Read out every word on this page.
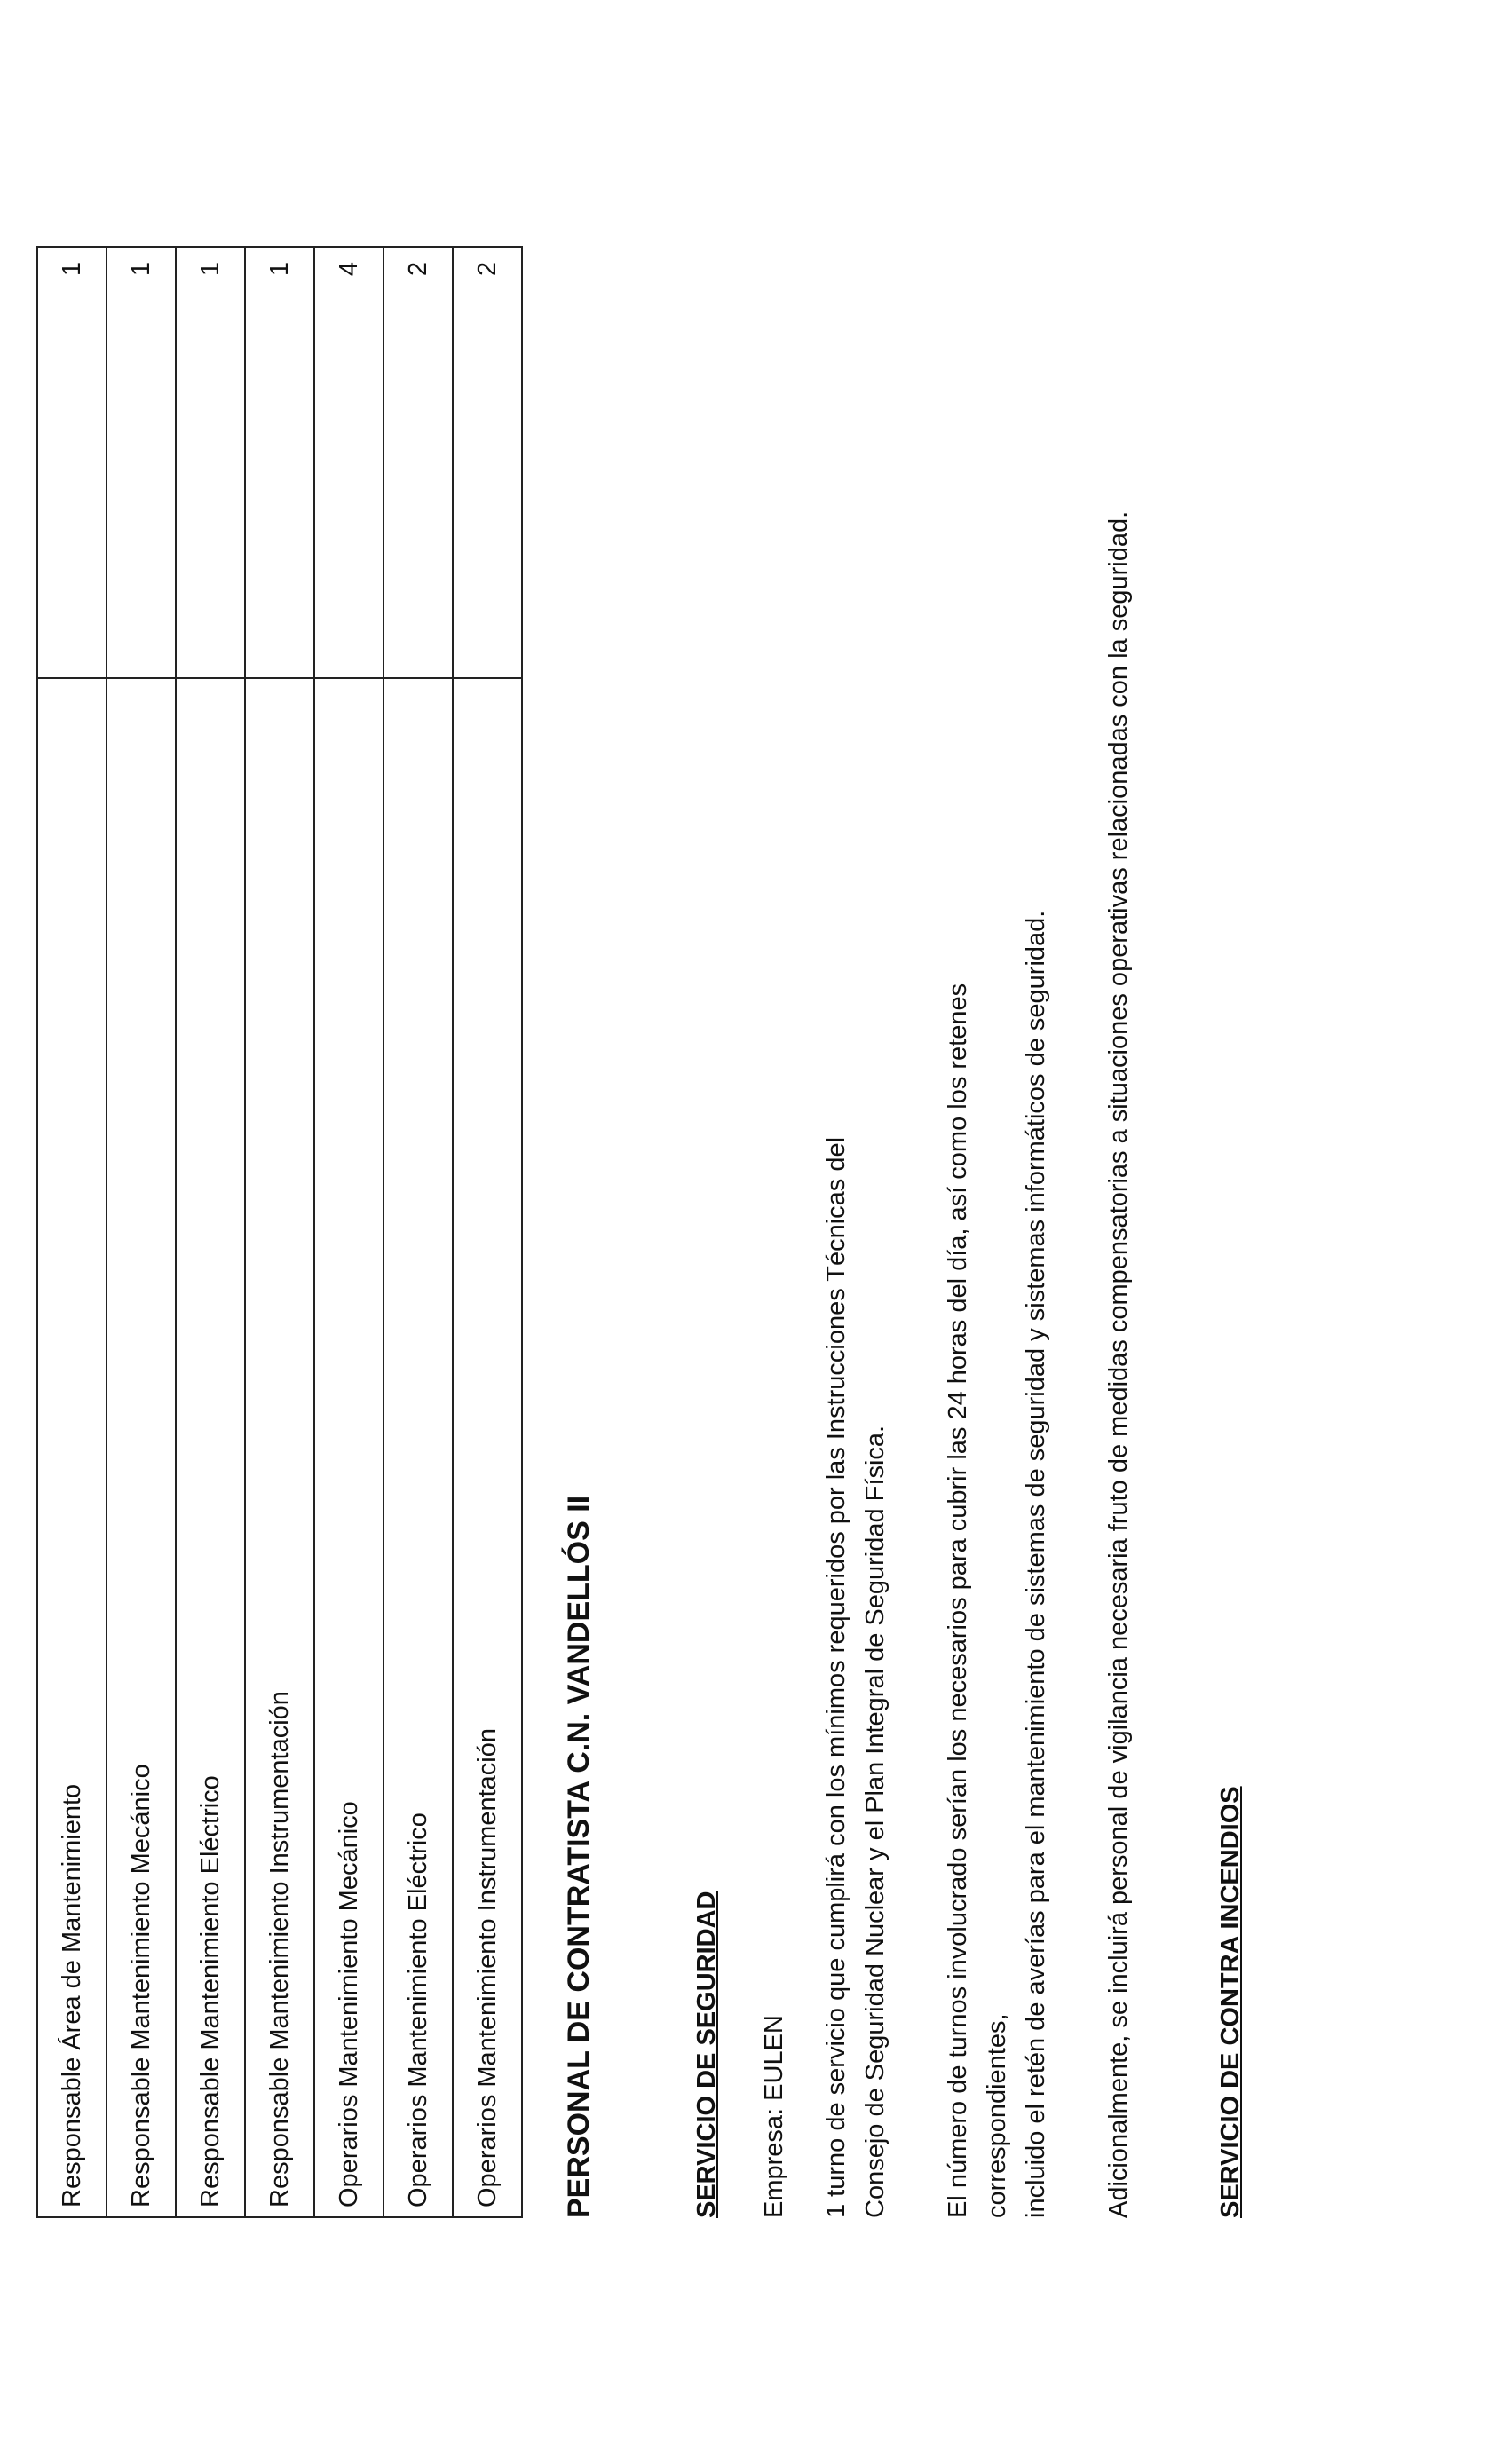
Responsable Área de Mantenimiento	1
Responsable Mantenimiento Mecánico	1
Responsable Mantenimiento Eléctrico	1
Responsable Mantenimiento Instrumentación	1
Operarios Mantenimiento Mecánico	4
Operarios Mantenimiento Eléctrico	2
Operarios Mantenimiento Instrumentación	2
PERSONAL DE CONTRATISTA C.N. VANDELLÓS II	SERVICIO DE SEGURIDAD Empresa: EULEN 1 turno de servicio que cumplirá con los mínimos requeridos por las Instrucciones Técnicas del Consejo de Seguridad Nuclear y el Plan Integral de Seguridad Física. El número de turnos involucrado serían los necesarios para cubrir las 24 horas del día, así como los retenes correspondientes, incluido el retén de averías para el mantenimiento de sistemas de seguridad y sistemas informáticos de seguridad. Adicionalmente, se incluirá personal de vigilancia necesaria fruto de medidas compensatorias a situaciones operativas relacionadas con la seguridad.	SERVICIO DE CONTRA INCENDIOS
